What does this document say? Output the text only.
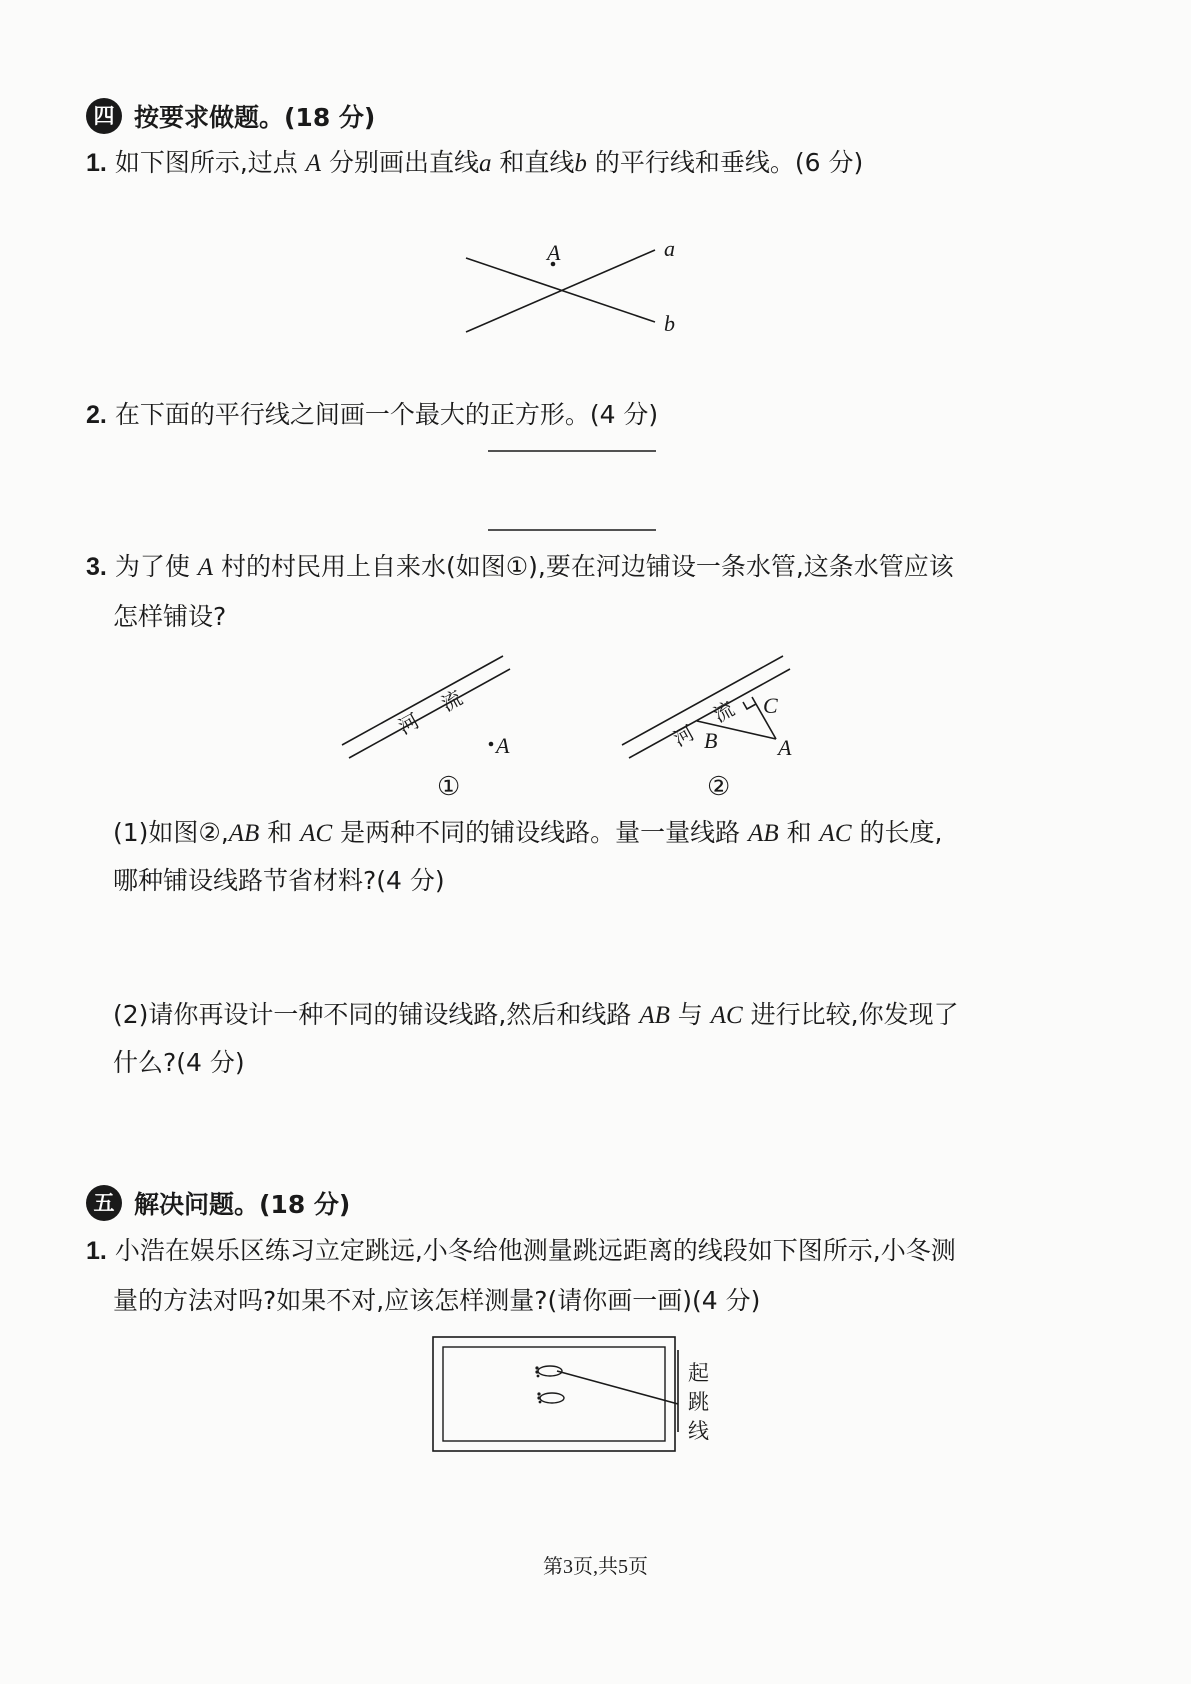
四 按要求做题。(18 分)
1. 如下图所示,过点 A 分别画出直线a 和直线b 的平行线和垂线。(6 分)
A	a
b
2. 在下面的平行线之间画一个最大的正方形。(4 分)
3. 为了使 A 村的村民用上自来水(如图①),要在河边铺设一条水管,这条水管应该
怎样铺设?
河
流
A
①
河
流 C
B	A
②
(1)如图②,AB 和 AC 是两种不同的铺设线路。量一量线路 AB 和 AC 的长度,
哪种铺设线路节省材料?(4 分)
(2)请你再设计一种不同的铺设线路,然后和线路 AB 与 AC 进行比较,你发现了
什么?(4 分)
五 解决问题。(18 分)
1. 小浩在娱乐区练习立定跳远,小冬给他测量跳远距离的线段如下图所示,小冬测
量的方法对吗?如果不对,应该怎样测量?(请你画一画)(4 分)
起
跳
线
第3页,共5页
